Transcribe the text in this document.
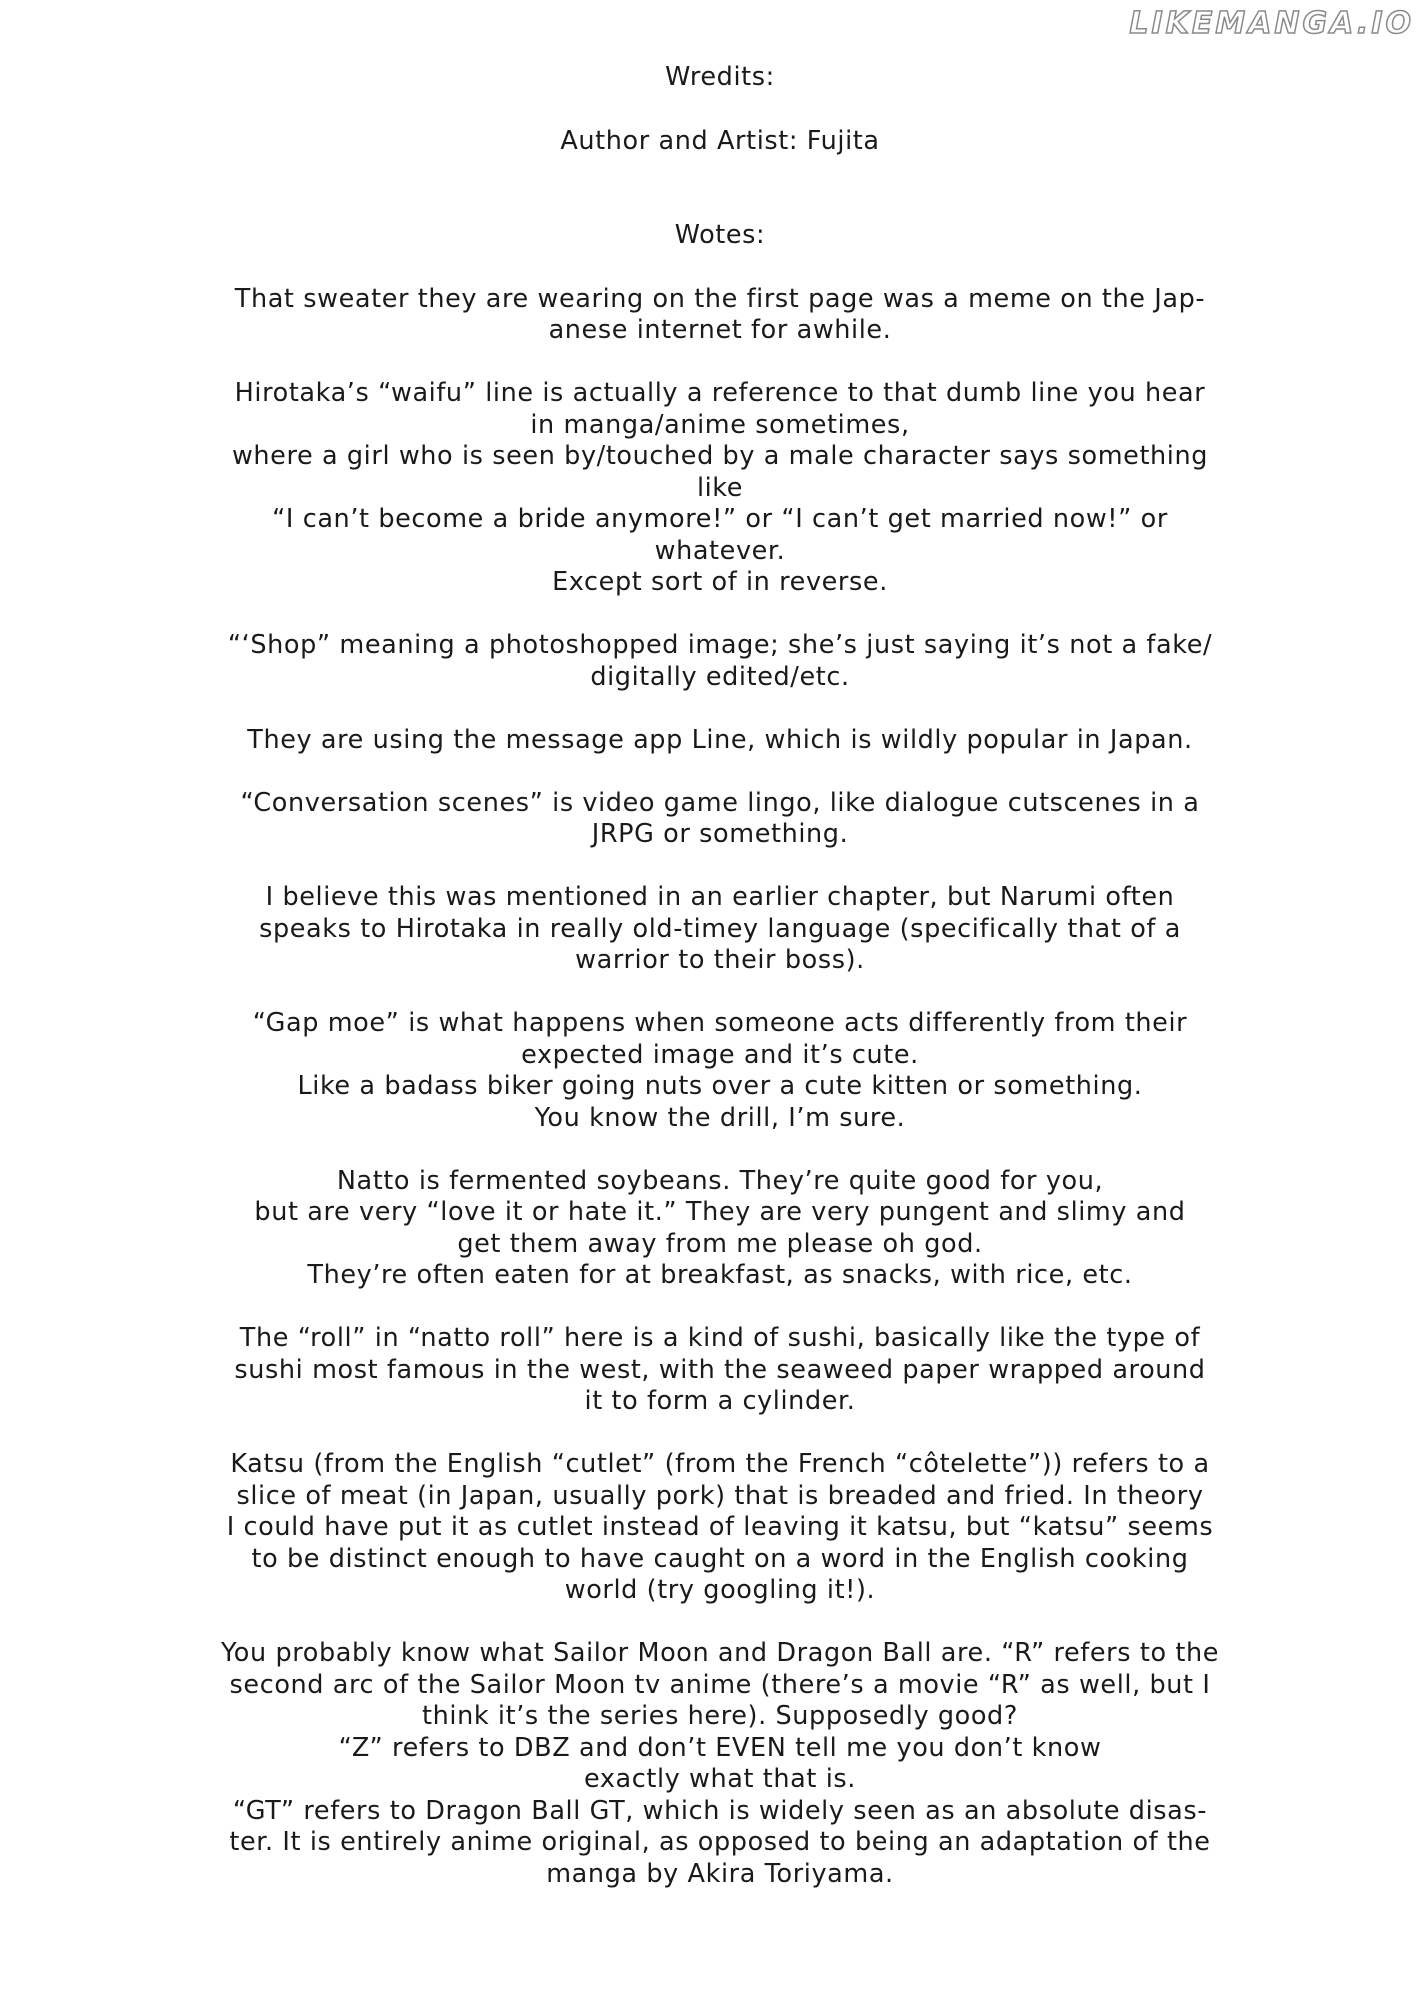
LIKEMANGA.IO
Wredits:
Author and Artist: Fujita
Wotes:
That sweater they are wearing on the first page was a meme on the Jap-
anese internet for awhile.
Hirotaka’s “waifu” line is actually a reference to that dumb line you hear
in manga/anime sometimes,
where a girl who is seen by/touched by a male character says something
like
“I can’t become a bride anymore!” or “I can’t get married now!” or
whatever.
Except sort of in reverse.
“‘Shop” meaning a photoshopped image; she’s just saying it’s not a fake/
digitally edited/etc.
They are using the message app Line, which is wildly popular in Japan.
“Conversation scenes” is video game lingo, like dialogue cutscenes in a
JRPG or something.
I believe this was mentioned in an earlier chapter, but Narumi often
speaks to Hirotaka in really old-timey language (specifically that of a
warrior to their boss).
“Gap moe” is what happens when someone acts differently from their
expected image and it’s cute.
Like a badass biker going nuts over a cute kitten or something.
You know the drill, I’m sure.
Natto is fermented soybeans. They’re quite good for you,
but are very “love it or hate it.” They are very pungent and slimy and
get them away from me please oh god.
They’re often eaten for at breakfast, as snacks, with rice, etc.
The “roll” in “natto roll” here is a kind of sushi, basically like the type of
sushi most famous in the west, with the seaweed paper wrapped around
it to form a cylinder.
Katsu (from the English “cutlet” (from the French “côtelette”)) refers to a
slice of meat (in Japan, usually pork) that is breaded and fried. In theory
I could have put it as cutlet instead of leaving it katsu, but “katsu” seems
to be distinct enough to have caught on a word in the English cooking
world (try googling it!).
You probably know what Sailor Moon and Dragon Ball are. “R” refers to the
second arc of the Sailor Moon tv anime (there’s a movie “R” as well, but I
think it’s the series here). Supposedly good?
“Z” refers to DBZ and don’t EVEN tell me you don’t know
exactly what that is.
“GT” refers to Dragon Ball GT, which is widely seen as an absolute disas-
ter. It is entirely anime original, as opposed to being an adaptation of the
manga by Akira Toriyama.
